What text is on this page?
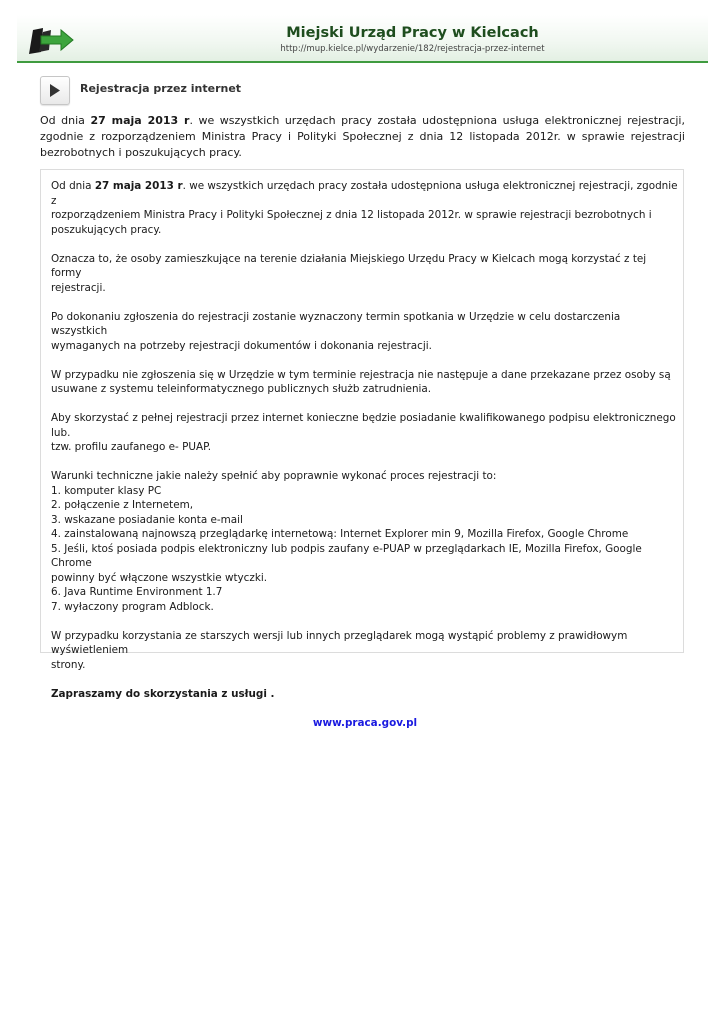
Miejski Urząd Pracy w Kielcach
http://mup.kielce.pl/wydarzenie/182/rejestracja-przez-internet
Rejestracja przez internet

Od dnia 27 maja 2013 r. we wszystkich urzędach pracy została udostępniona usługa elektronicznej rejestracji, zgodnie z rozporządzeniem Ministra Pracy i Polityki Społecznej z dnia 12 listopada 2012r. w sprawie rejestracji bezrobotnych i poszukujących pracy.

Od dnia 27 maja 2013 r. we wszystkich urzędach pracy została udostępniona usługa elektronicznej rejestracji, zgodnie z
rozporządzeniem Ministra Pracy i Polityki Społecznej z dnia 12 listopada 2012r. w sprawie rejestracji bezrobotnych i
poszukujących pracy.

Oznacza to, że osoby zamieszkujące na terenie działania Miejskiego Urzędu Pracy w Kielcach mogą korzystać z tej formy
rejestracji.

Po dokonaniu zgłoszenia do rejestracji zostanie wyznaczony termin spotkania w Urzędzie w celu dostarczenia wszystkich
wymaganych na potrzeby rejestracji dokumentów i dokonania rejestracji.

W przypadku nie zgłoszenia się w Urzędzie w tym terminie rejestracja nie następuje a dane przekazane przez osoby są
usuwane z systemu teleinformatycznego publicznych służb zatrudnienia.

Aby skorzystać z pełnej rejestracji przez internet konieczne będzie posiadanie kwalifikowanego podpisu elektronicznego lub.
tzw. profilu zaufanego e- PUAP.

Warunki techniczne jakie należy spełnić aby poprawnie wykonać proces rejestracji to:
1. komputer klasy PC
2. połączenie z Internetem,
3. wskazane posiadanie konta e-mail
4. zainstalowaną najnowszą przeglądarkę internetową: Internet Explorer min 9, Mozilla Firefox, Google Chrome
5. Jeśli, ktoś posiada podpis elektroniczny lub podpis zaufany e-PUAP w przeglądarkach IE, Mozilla Firefox, Google Chrome
powinny być włączone wszystkie wtyczki.
6. Java Runtime Environment 1.7
7. wyłaczony program Adblock.

W przypadku korzystania ze starszych wersji lub innych przeglądarek mogą wystąpić problemy z prawidłowym wyświetleniem
strony.

Zapraszamy do skorzystania z usługi .

www.praca.gov.pl
